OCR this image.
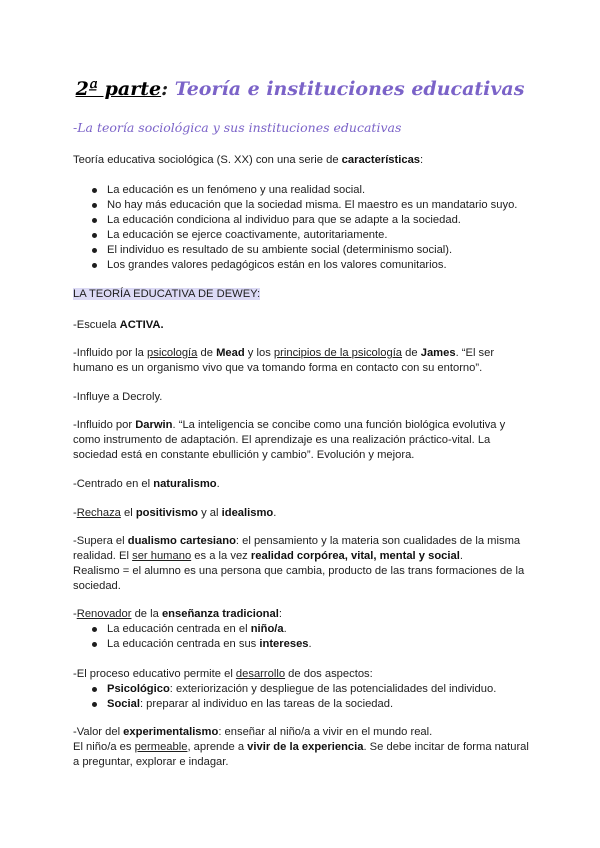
2ª parte: Teoría e instituciones educativas
-La teoría sociológica y sus instituciones educativas

Teoría educativa sociológica (S. XX) con una serie de características:

La educación es un fenómeno y una realidad social.
No hay más educación que la sociedad misma. El maestro es un mandatario suyo.
La educación condiciona al individuo para que se adapte a la sociedad.
La educación se ejerce coactivamente, autoritariamente.
El individuo es resultado de su ambiente social (determinismo social).
Los grandes valores pedagógicos están en los valores comunitarios.

LA TEORÍA EDUCATIVA DE DEWEY:

-Escuela ACTIVA.

-Influido por la psicología de Mead y los principios de la psicología de James. “El ser humano es un organismo vivo que va tomando forma en contacto con su entorno”.

-Influye a Decroly.

-Influido por Darwin. “La inteligencia se concibe como una función biológica evolutiva y como instrumento de adaptación. El aprendizaje es una realización práctico-vital. La sociedad está en constante ebullición y cambio”. Evolución y mejora.

-Centrado en el naturalismo.

-Rechaza el positivismo y al idealismo.

-Supera el dualismo cartesiano: el pensamiento y la materia son cualidades de la misma realidad. El ser humano es a la vez realidad corpórea, vital, mental y social.

Realismo = el alumno es una persona que cambia, producto de las trans formaciones de la sociedad.

-Renovador de la enseñanza tradicional:

La educación centrada en el niño/a.
La educación centrada en sus intereses.

-El proceso educativo permite el desarrollo de dos aspectos:

Psicológico: exteriorización y despliegue de las potencialidades del individuo.
Social: preparar al individuo en las tareas de la sociedad.

-Valor del experimentalismo: enseñar al niño/a a vivir en el mundo real.
El niño/a es permeable, aprende a vivir de la experiencia. Se debe incitar de forma natural a preguntar, explorar e indagar.
